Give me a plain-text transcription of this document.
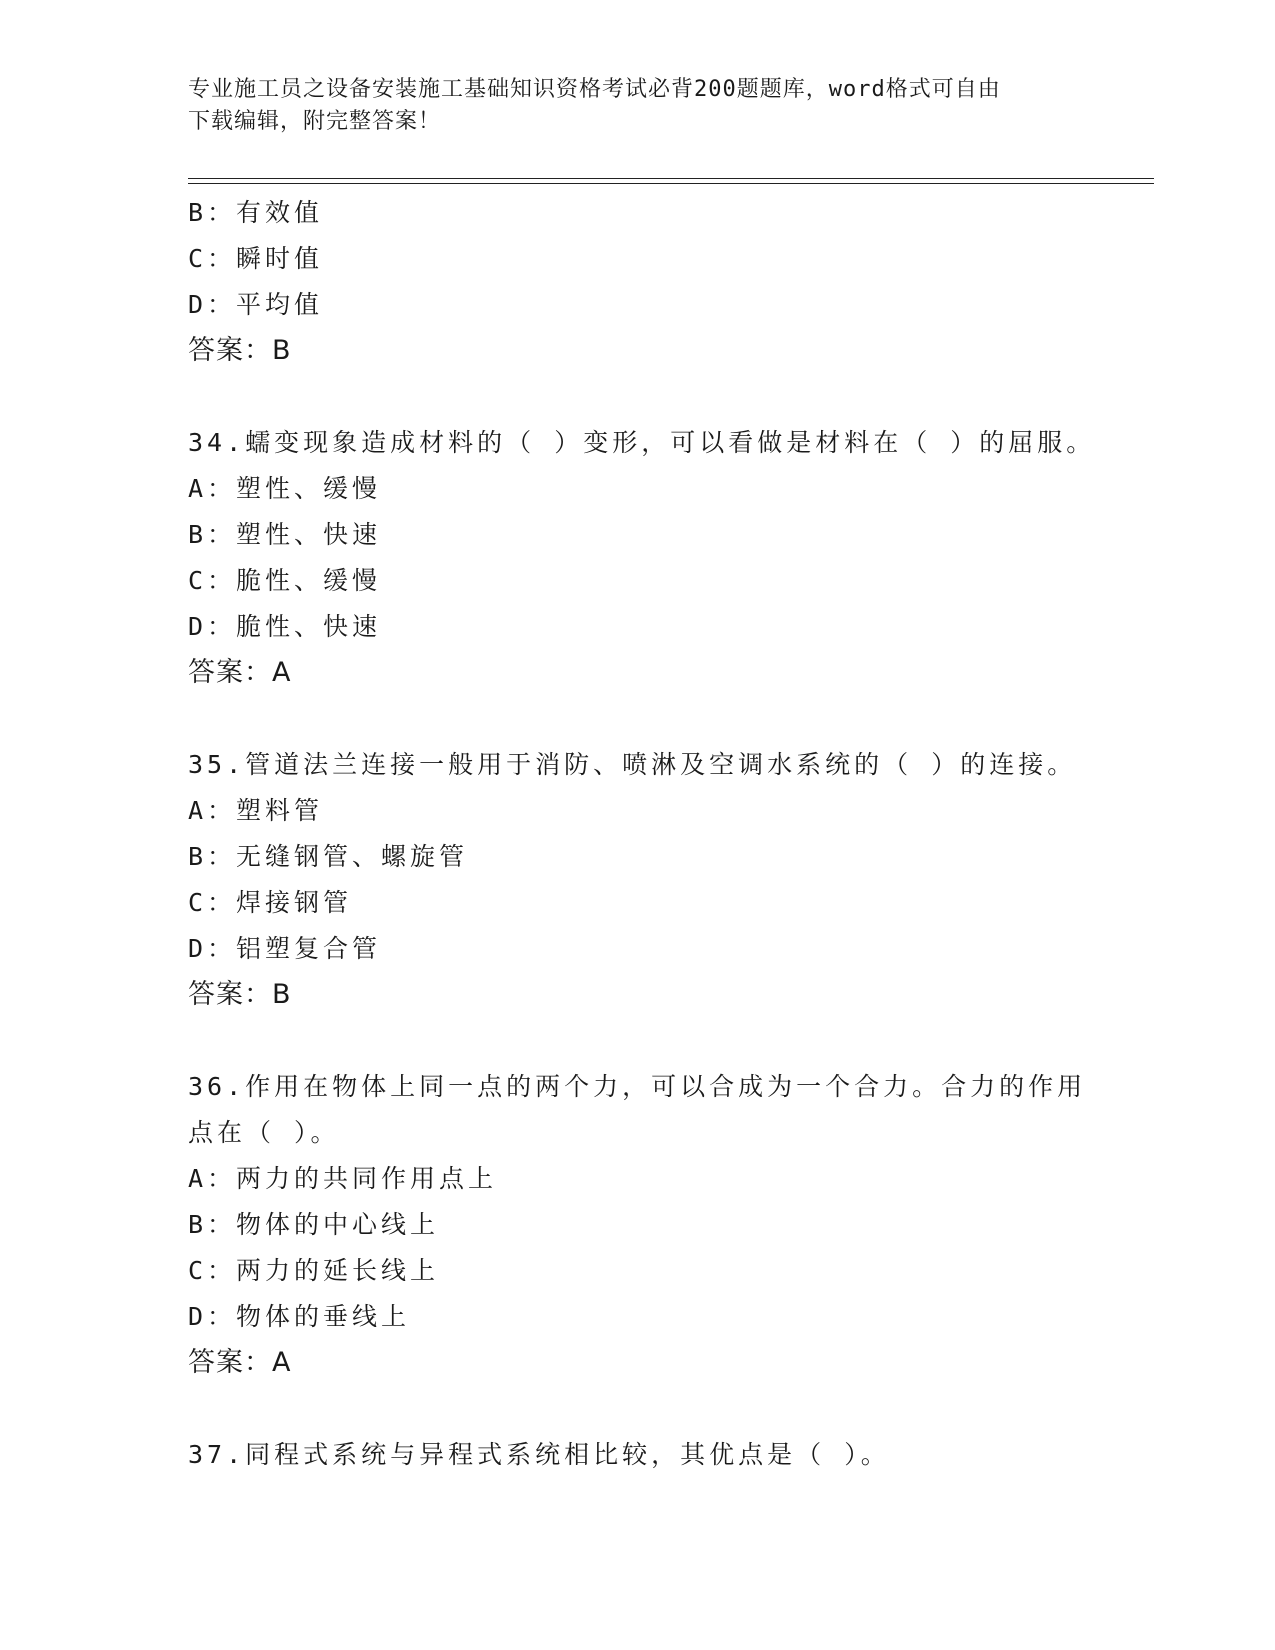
专业施工员之设备安装施工基础知识资格考试必背200题题库，word格式可自由
下载编辑，附完整答案！
B：有效值
C：瞬时值
D：平均值
答案：B
34.蠕变现象造成材料的（ ）变形，可以看做是材料在（ ）的屈服。
A：塑性、缓慢
B：塑性、快速
C：脆性、缓慢
D：脆性、快速
答案：A
35.管道法兰连接一般用于消防、喷淋及空调水系统的（ ）的连接。
A：塑料管
B：无缝钢管、螺旋管
C：焊接钢管
D：铝塑复合管
答案：B
36.作用在物体上同一点的两个力，可以合成为一个合力。合力的作用
点在（ ）。
A：两力的共同作用点上
B：物体的中心线上
C：两力的延长线上
D：物体的垂线上
答案：A
37.同程式系统与异程式系统相比较，其优点是（ ）。
